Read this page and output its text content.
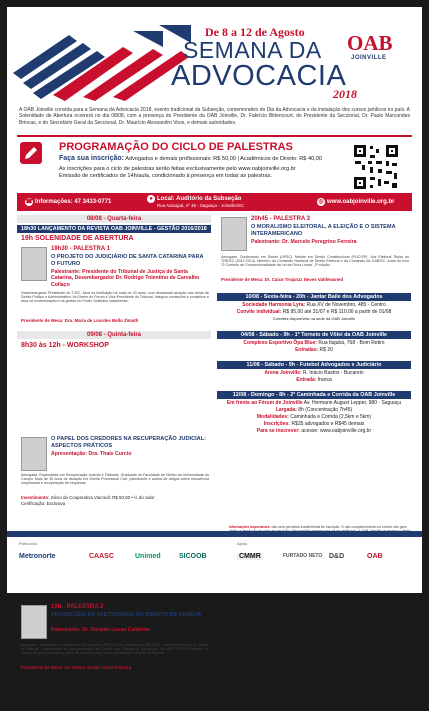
De 8 a 12 de Agosto
SEMANA DA
ADVOCACIA
2018
OAB
JOINVILLE

A OAB Joinville convida para a Semana da Advocacia 2018, evento tradicional da Subseção, comemorativo do Dia da Advocacia e da instalação dos cursos jurídicos no país. A Solenidade de Abertura ocorrerá no dia 08/08, com a presença do Presidente da OAB Joinville, Dr. Fabrício Bittencourt, do Presidente da Seccional, Dr. Paulo Marcondes Brincas, e do Secretário Geral da Seccional, Dr. Maurício Alessandro Voos, e demais autoridades.

PROGRAMAÇÃO DO CICLO DE PALESTRAS
Faça sua inscrição: Advogados e demais profissionais: R$ 50,00 | Acadêmicos de Direito: R$ 40,00
As inscrições para o ciclo de palestras serão feitas exclusivamente pelo www.oabjoinville.org.br
Emissão de certificados de 14h/aula, condicionado à presença em todas as palestras.
☎ Informações: 47 3433-0771	● Local: Auditório da Subseção
Rua Aracajuá, nº 46 - Saguaçu - Joinville/SC
◎ www.oabjoinville.org.br
08/08 - Quarta-feira
18h30 LANÇAMENTO DA REVISTA OAB JOINVILLE - GESTÃO 2016/2018
19h SOLENIDADE DE ABERTURA
19h30 - PALESTRA 1
O PROJETO DO JUDICIÁRIO DE SANTA CATARINA PARA O FUTURO
Palestrante: Presidente do Tribunal de Justiça de Santa Catarina, Desembargador Dr. Rodrigo Tolentino de Carvalho Collaço
Desembargador Presidente do TJSC. Atua na instituição há mais de 20 anos, com destacada atuação nas áreas de Direito Público e Administrativo; foi Diretor do Fórum e Vice-Presidente do Tribunal, integrou comissões e conselhos e atua na modernização e na gestão do Poder Judiciário catarinense.
Presidente de Mesa: Dra. Maria de Lourdes Bello Zimath
09/08 - Quinta-feira
8h30 às 12h - WORKSHOP
O PAPEL DOS CREDORES NA RECUPERAÇÃO JUDICIAL: ASPECTOS PRÁTICOS
Apresentação: Dra. Thais Curcio
Advogada. Especialista em Recuperação Judicial e Falência. Graduada na Faculdade de Direito da Universidade do Campo. Mais de 30 anos de atuação em Direito Processual Civil, palestrante e autora de artigos sobre insolvência empresarial e recuperação de empresas.
Investimento: Sócio da Cooperativa Viacredi: R$ 50,00 • ½ do valor
Certificação: Exclusiva
19h - PALESTRA 2
PROJEÇÕES DA AFETIVIDADE NO DIREITO DE FAMÍLIA
Palestrante: Dr. Ricardo Lucas Calderón
Advogado. Doutorando e Mestre em Direito pela UFPR. Diretor Nacional do IBDFAM - Instituto Brasileiro de Direito de Família. Coordenador da pós-graduação em Direito das Famílias e Sucessões da ABDCONST. Professor de cursos de pós-graduação e autor de diversas obras sobre afetividade e Direito de Família.
Presidente de Mesa: Dr. Gilson Jardel Curco Ferreira
20h45 - PALESTRA 3
O MORALISMO ELEITORAL, A ELEIÇÃO E O SISTEMA INTERAMERICANO
Palestrante: Dr. Marcelo Peregrino Ferreira
Advogado. Doutorando em Direito (UFSC). Mestre em Direito Constitucional (PUC/SP). Juiz Eleitoral Titular do TRE/SC (2012-2014). Membro da Comissão Nacional de Direito Eleitoral e da Comissão da OAB/SC. Autor do livro 'O Controle de Convencionalidade da Lei da Ficha Limpa', 2ª edição.
Presidente de Mesa: Dr. Caico Trojanzz Neves Valdewaned
10/08 - Sexta-feira - 20h - Jantar Baile dos Advogados
Sociedade Harmonia Lyra: Rua XV de Novembro, 485 - Centro
Convite individual: R$ 95,00 até 31/07 e R$ 110,00 a partir de 01/08
Convites disponíveis na sede da OAB Joinville
04/08 - Sábado - 9h - 1º Torneio de Vôlei da OAB Joinville
Complexo Esportivo Ópa Blue: Rua Itajubá, 768 - Bom Retiro
Entradas: R$ 20
11/08 - Sábado - 9h - Futebol Advogados x Judiciário
Arena Joinville: R. Inácio Bastos - Bucarein
Entrada: franca
12/08 - Domingo - 8h - 2ª Caminhada e Corrida da OAB Joinville
Em frente ao Fórum de Joinville Av. Hermann August Lepper, 980 - Saguaçu
Largada: 8h (Concentração 7h45)
Modalidades: Caminhada e Corrida (2,5km e 5km)
Inscrições: R$35 advogados e R$45 demais
Para se inscrever: acesse: www.oabjoinville.org.br
Informações importantes: não será permitido transferência de inscrição. O não comparecimento no evento não gera
Patrocínio	Apoio
Metronorte	CAASC	Unimed	SICOOB	CMMR	FURTADO NETO D&D	OAB
